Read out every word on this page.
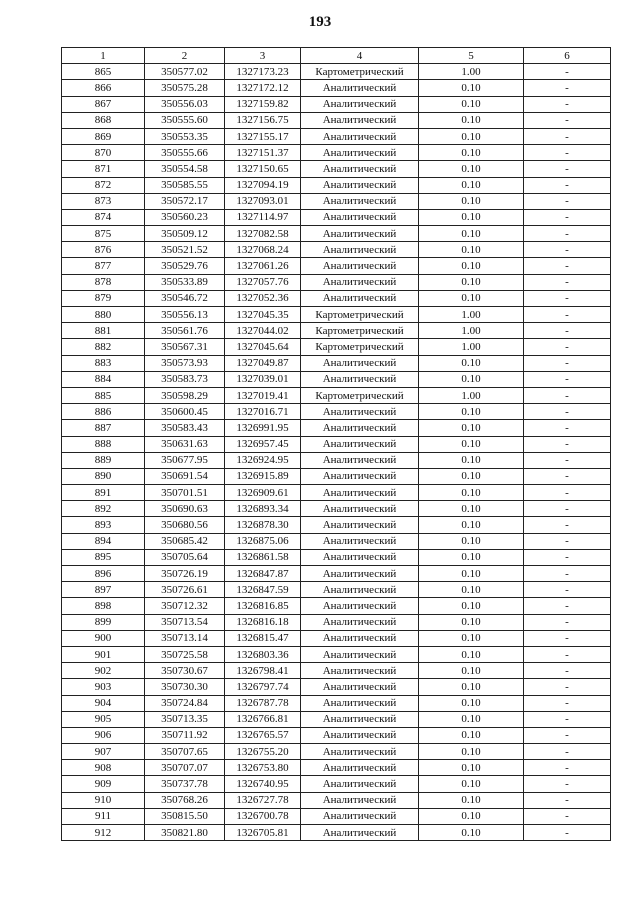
193
1	2	3	4	5	6
865	350577.02	1327173.23	Картометрический	1.00	-
866	350575.28	1327172.12	Аналитический	0.10	-
867	350556.03	1327159.82	Аналитический	0.10	-
868	350555.60	1327156.75	Аналитический	0.10	-
869	350553.35	1327155.17	Аналитический	0.10	-
870	350555.66	1327151.37	Аналитический	0.10	-
871	350554.58	1327150.65	Аналитический	0.10	-
872	350585.55	1327094.19	Аналитический	0.10	-
873	350572.17	1327093.01	Аналитический	0.10	-
874	350560.23	1327114.97	Аналитический	0.10	-
875	350509.12	1327082.58	Аналитический	0.10	-
876	350521.52	1327068.24	Аналитический	0.10	-
877	350529.76	1327061.26	Аналитический	0.10	-
878	350533.89	1327057.76	Аналитический	0.10	-
879	350546.72	1327052.36	Аналитический	0.10	-
880	350556.13	1327045.35	Картометрический	1.00	-
881	350561.76	1327044.02	Картометрический	1.00	-
882	350567.31	1327045.64	Картометрический	1.00	-
883	350573.93	1327049.87	Аналитический	0.10	-
884	350583.73	1327039.01	Аналитический	0.10	-
885	350598.29	1327019.41	Картометрический	1.00	-
886	350600.45	1327016.71	Аналитический	0.10	-
887	350583.43	1326991.95	Аналитический	0.10	-
888	350631.63	1326957.45	Аналитический	0.10	-
889	350677.95	1326924.95	Аналитический	0.10	-
890	350691.54	1326915.89	Аналитический	0.10	-
891	350701.51	1326909.61	Аналитический	0.10	-
892	350690.63	1326893.34	Аналитический	0.10	-
893	350680.56	1326878.30	Аналитический	0.10	-
894	350685.42	1326875.06	Аналитический	0.10	-
895	350705.64	1326861.58	Аналитический	0.10	-
896	350726.19	1326847.87	Аналитический	0.10	-
897	350726.61	1326847.59	Аналитический	0.10	-
898	350712.32	1326816.85	Аналитический	0.10	-
899	350713.54	1326816.18	Аналитический	0.10	-
900	350713.14	1326815.47	Аналитический	0.10	-
901	350725.58	1326803.36	Аналитический	0.10	-
902	350730.67	1326798.41	Аналитический	0.10	-
903	350730.30	1326797.74	Аналитический	0.10	-
904	350724.84	1326787.78	Аналитический	0.10	-
905	350713.35	1326766.81	Аналитический	0.10	-
906	350711.92	1326765.57	Аналитический	0.10	-
907	350707.65	1326755.20	Аналитический	0.10	-
908	350707.07	1326753.80	Аналитический	0.10	-
909	350737.78	1326740.95	Аналитический	0.10	-
910	350768.26	1326727.78	Аналитический	0.10	-
911	350815.50	1326700.78	Аналитический	0.10	-
912	350821.80	1326705.81	Аналитический	0.10	-
